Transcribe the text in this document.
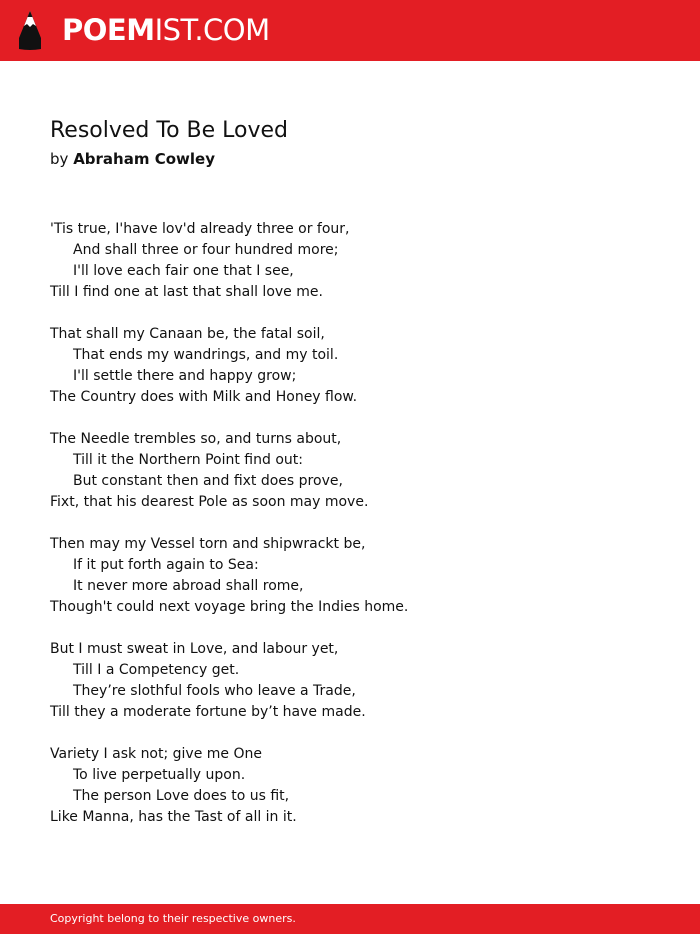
POEMIST.COM
Resolved To Be Loved
by Abraham Cowley
'Tis true, I'have lov'd already three or four,
And shall three or four hundred more;
I'll love each fair one that I see,
Till I find one at last that shall love me.
That shall my Canaan be, the fatal soil,
That ends my wandrings, and my toil.
I'll settle there and happy grow;
The Country does with Milk and Honey flow.
The Needle trembles so, and turns about,
Till it the Northern Point find out:
But constant then and fixt does prove,
Fixt, that his dearest Pole as soon may move.
Then may my Vessel torn and shipwrackt be,
If it put forth again to Sea:
It never more abroad shall rome,
Though't could next voyage bring the Indies home.
But I must sweat in Love, and labour yet,
Till I a Competency get.
They’re slothful fools who leave a Trade,
Till they a moderate fortune by’t have made.
Variety I ask not; give me One
To live perpetually upon.
The person Love does to us fit,
Like Manna, has the Tast of all in it.
Copyright belong to their respective owners.
